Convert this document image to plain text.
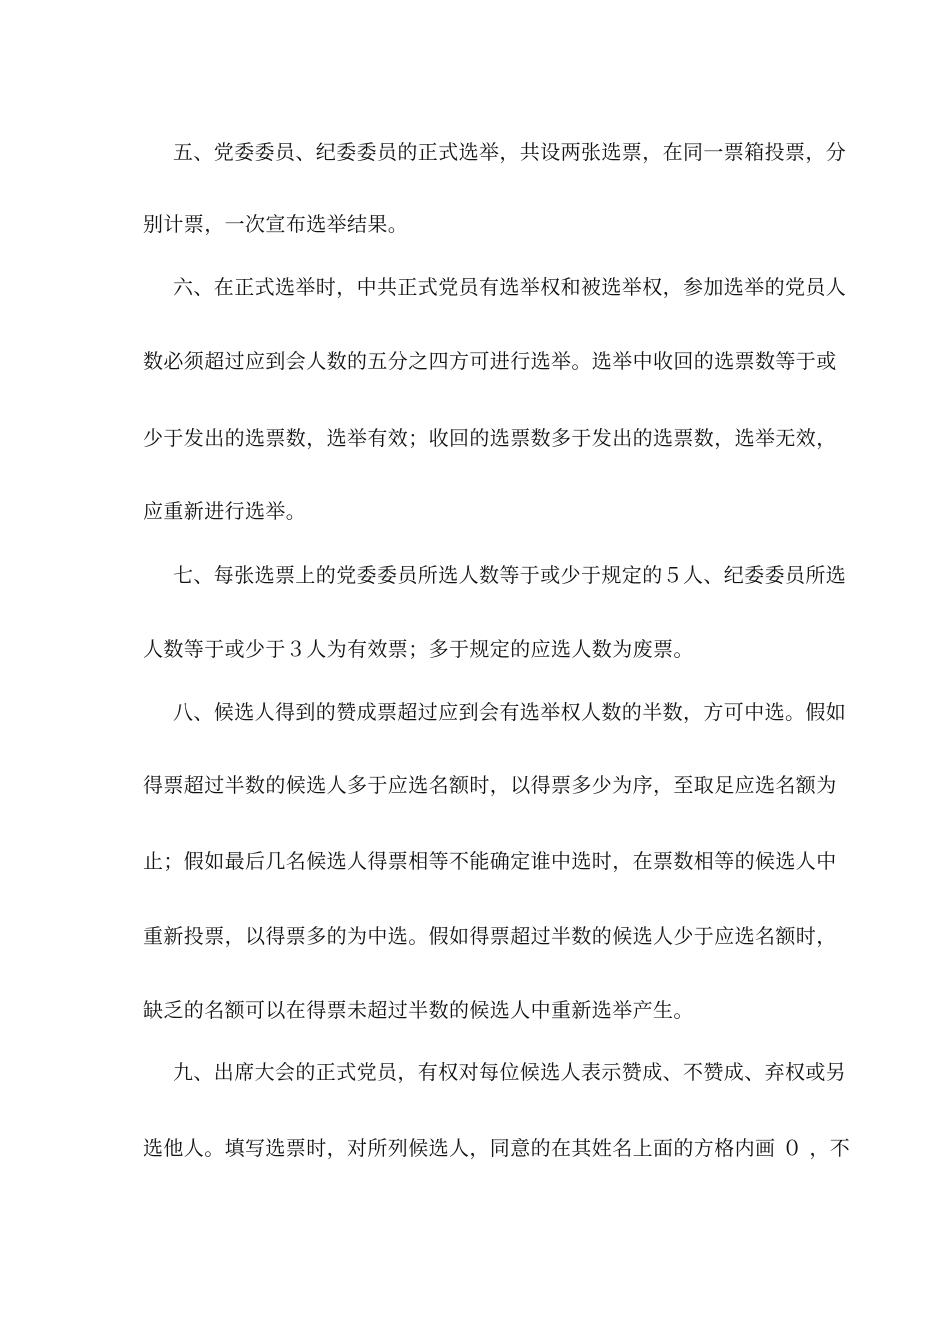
五、党委委员、纪委委员的正式选举，共设两张选票，在同一票箱投票，分
别计票，一次宣布选举结果。
六、在正式选举时，中共正式党员有选举权和被选举权，参加选举的党员人
数必须超过应到会人数的五分之四方可进行选举。选举中收回的选票数等于或
少于发出的选票数，选举有效；收回的选票数多于发出的选票数，选举无效，
应重新进行选举。
七、每张选票上的党委委员所选人数等于或少于规定的５人、纪委委员所选
人数等于或少于３人为有效票；多于规定的应选人数为废票。
八、候选人得到的赞成票超过应到会有选举权人数的半数，方可中选。假如
得票超过半数的候选人多于应选名额时，以得票多少为序，至取足应选名额为
止；假如最后几名候选人得票相等不能确定谁中选时，在票数相等的候选人中
重新投票，以得票多的为中选。假如得票超过半数的候选人少于应选名额时，
缺乏的名额可以在得票未超过半数的候选人中重新选举产生。
九、出席大会的正式党员，有权对每位候选人表示赞成、不赞成、弃权或另
选他人。填写选票时，对所列候选人，同意的在其姓名上面的方格内画 ０ ，不
